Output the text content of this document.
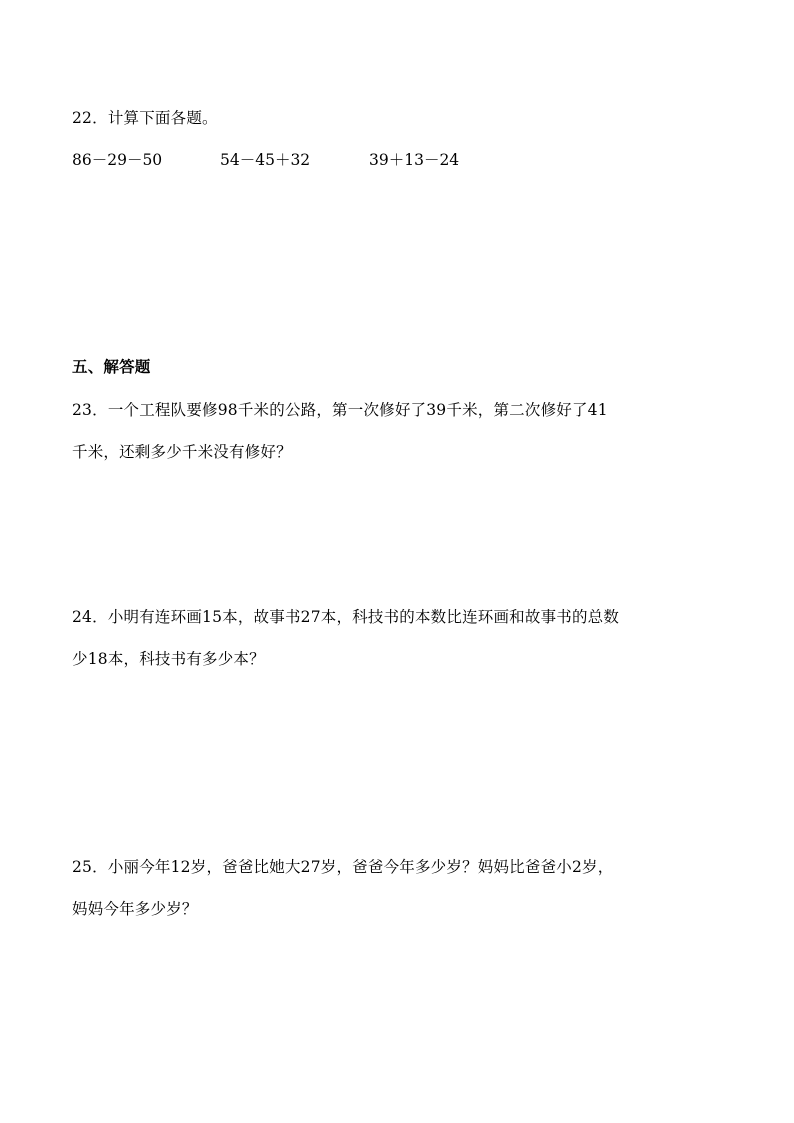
22．计算下面各题。
86－29－50	54－45＋32	39＋13－24
五、解答题
23．一个工程队要修98千米的公路，第一次修好了39千米，第二次修好了41
千米，还剩多少千米没有修好？
24．小明有连环画15本，故事书27本，科技书的本数比连环画和故事书的总数
少18本，科技书有多少本？
25．小丽今年12岁，爸爸比她大27岁，爸爸今年多少岁？妈妈比爸爸小2岁，
妈妈今年多少岁？
